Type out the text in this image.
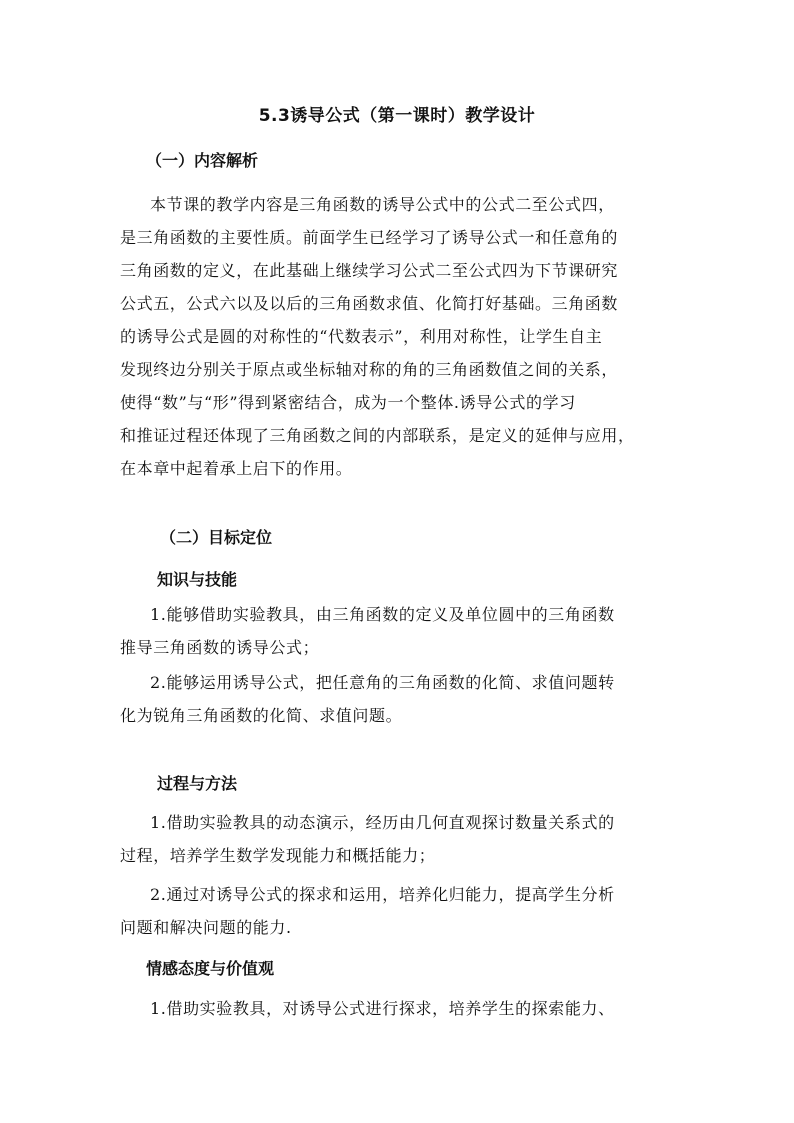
5.3诱导公式（第一课时）教学设计
（一）内容解析
本节课的教学内容是三角函数的诱导公式中的公式二至公式四，
是三角函数的主要性质。前面学生已经学习了诱导公式一和任意角的
三角函数的定义，在此基础上继续学习公式二至公式四为下节课研究
公式五，公式六以及以后的三角函数求值、化简打好基础。三角函数
的诱导公式是圆的对称性的“代数表示”，利用对称性，让学生自主
发现终边分别关于原点或坐标轴对称的角的三角函数值之间的关系，
使得“数”与“形”得到紧密结合，成为一个整体.诱导公式的学习
和推证过程还体现了三角函数之间的内部联系，是定义的延伸与应用，
在本章中起着承上启下的作用。
（二）目标定位
知识与技能
1.能够借助实验教具，由三角函数的定义及单位圆中的三角函数
推导三角函数的诱导公式；
2.能够运用诱导公式，把任意角的三角函数的化简、求值问题转
化为锐角三角函数的化简、求值问题。
过程与方法
1.借助实验教具的动态演示，经历由几何直观探讨数量关系式的
过程，培养学生数学发现能力和概括能力；
2.通过对诱导公式的探求和运用，培养化归能力，提高学生分析
问题和解决问题的能力.
情感态度与价值观
1.借助实验教具，对诱导公式进行探求，培养学生的探索能力、
